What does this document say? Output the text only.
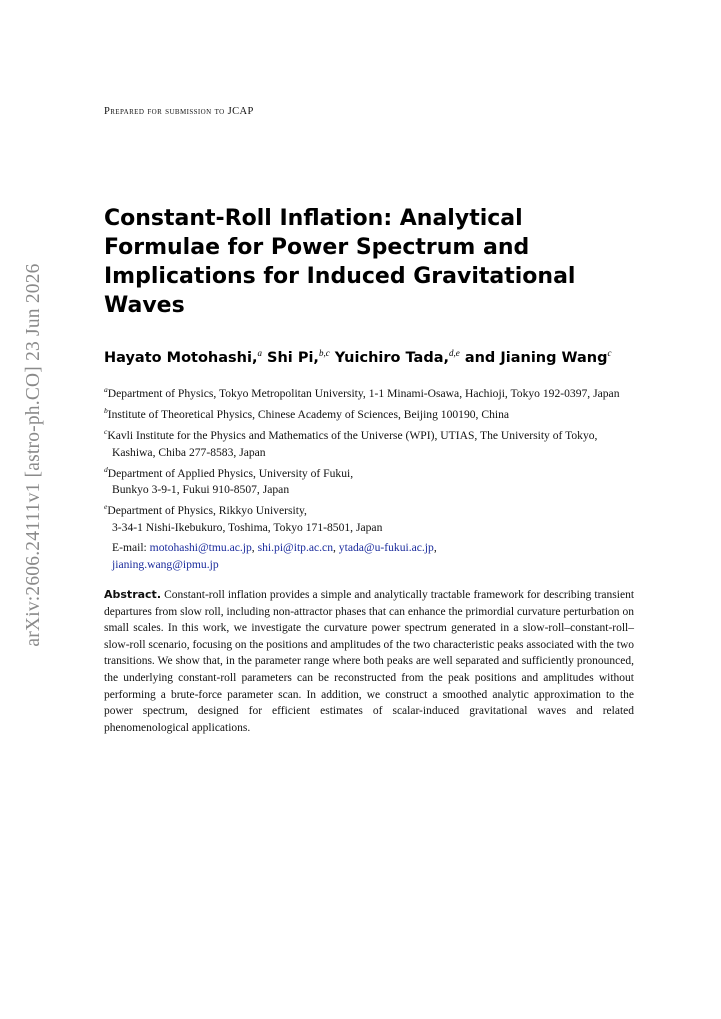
arXiv:2606.24111v1 [astro-ph.CO] 23 Jun 2026
Prepared for submission to JCAP
Constant-Roll Inflation: Analytical Formulae for Power Spectrum and Implications for Induced Gravitational Waves
Hayato Motohashi,$^a$ Shi Pi,$^{b,c}$ Yuichiro Tada,$^{d,e}$ and Jianing Wang$^c$

$^a$Department of Physics, Tokyo Metropolitan University, 1-1 Minami-Osawa, Hachioji, Tokyo 192-0397, Japan

$^b$Institute of Theoretical Physics, Chinese Academy of Sciences, Beijing 100190, China

$^c$Kavli Institute for the Physics and Mathematics of the Universe (WPI), UTIAS, The University of Tokyo, Kashiwa, Chiba 277-8583, Japan

$^d$Department of Applied Physics, University of Fukui,
Bunkyo 3-9-1, Fukui 910-8507, Japan

$^e$Department of Physics, Rikkyo University,
3-34-1 Nishi-Ikebukuro, Toshima, Tokyo 171-8501, Japan

E-mail: motohashi@tmu.ac.jp, shi.pi@itp.ac.cn, ytada@u-fukui.ac.jp,
jianing.wang@ipmu.jp
Abstract. Constant-roll inflation provides a simple and analytically tractable framework for describing transient departures from slow roll, including non-attractor phases that can enhance the primordial curvature perturbation on small scales. In this work, we investigate the curvature power spectrum generated in a slow-roll–constant-roll–slow-roll scenario, focusing on the positions and amplitudes of the two characteristic peaks associated with the two transitions. We show that, in the parameter range where both peaks are well separated and sufficiently pronounced, the underlying constant-roll parameters can be reconstructed from the peak positions and amplitudes without performing a brute-force parameter scan. In addition, we construct a smoothed analytic approximation to the power spectrum, designed for efficient estimates of scalar-induced gravitational waves and related phenomenological applications.
